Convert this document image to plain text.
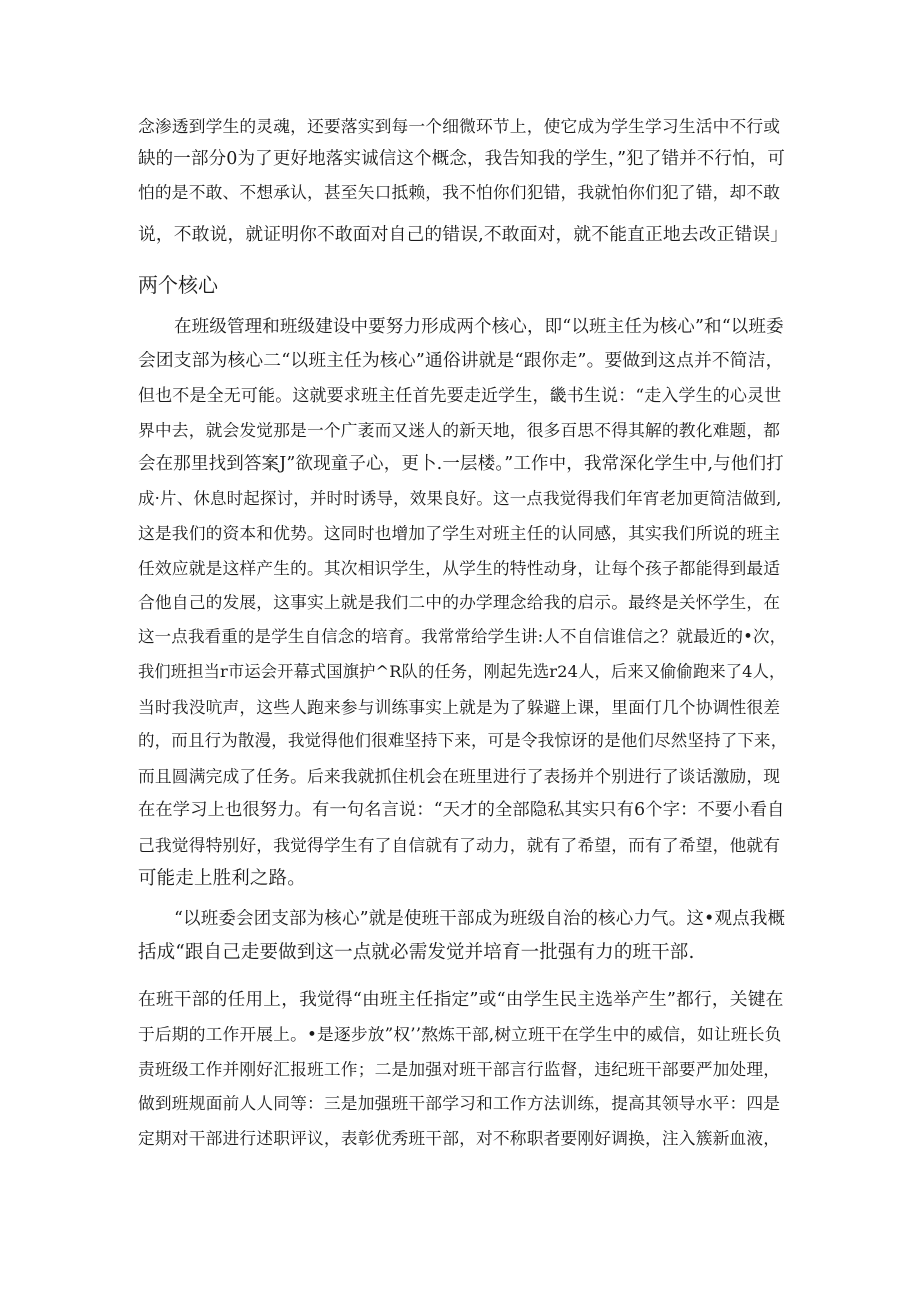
念渗透到学生的灵魂，还要落实到每一个细微环节上，使它成为学生学习生活中不行或
缺的一部分0为了更好地落实诚信这个概念，我告知我的学生，”犯了错并不行怕，可
怕的是不敢、不想承认，甚至矢口抵赖，我不怕你们犯错，我就怕你们犯了错，却不敢
说，不敢说，就证明你不敢面对自己的错误,不敢面对，就不能直正地去改正错误」
两个核心
在班级管理和班级建设中要努力形成两个核心，即“以班主任为核心”和“以班委
会团支部为核心二“以班主任为核心”通俗讲就是“跟你走”。要做到这点并不简洁，
但也不是全无可能。这就要求班主任首先要走近学生，畿书生说：“走入学生的心灵世
界中去，就会发觉那是一个广袤而又迷人的新天地，很多百思不得其解的教化难题，都
会在那里找到答案J”欲现童子心，更卜.一层楼。”工作中，我常深化学生中,与他们打
成·片、休息时起探讨，并时时诱导，效果良好。这一点我觉得我们年宵老加更简洁做到,
这是我们的资本和优势。这同时也增加了学生对班主任的认同感，其实我们所说的班主
任效应就是这样产生的。其次相识学生，从学生的特性动身，让每个孩子都能得到最适
合他自己的发展，这事实上就是我们二中的办学理念给我的启示。最终是关怀学生，在
这一点我看重的是学生自信念的培育。我常常给学生讲:人不自信谁信之？就最近的•次，
我们班担当r市运会开幕式国旗护^R队的任务，刚起先选r24人，后来又偷偷跑来了4人，
当时我没吭声，这些人跑来参与训练事实上就是为了躲避上课，里面仃几个协调性很差
的，而且行为散漫，我觉得他们很难坚持下来，可是令我惊讶的是他们尽然坚持了下来，
而且圆满完成了任务。后来我就抓住机会在班里进行了表扬并个别进行了谈话激励，现
在在学习上也很努力。有一句名言说：“天才的全部隐私其实只有6个字：不要小看自
己我觉得特别好，我觉得学生有了自信就有了动力，就有了希望，而有了希望，他就有
可能走上胜利之路。
“以班委会团支部为核心”就是使班干部成为班级自治的核心力气。这•观点我概
括成“跟自己走要做到这一点就必需发觉并培育一批强有力的班干部.
在班干部的任用上，我觉得“由班主任指定”或“由学生民主选举产生”都行，关键在
于后期的工作开展上。•是逐步放”权’’熬炼干部,树立班干在学生中的威信，如让班长负
责班级工作并刚好汇报班工作；二是加强对班干部言行监督，违纪班干部要严加处理，
做到班规面前人人同等：三是加强班干部学习和工作方法训练，提高其领导水平：四是
定期对干部进行述职评议，表彰优秀班干部，对不称职者要刚好调换，注入簇新血液，
